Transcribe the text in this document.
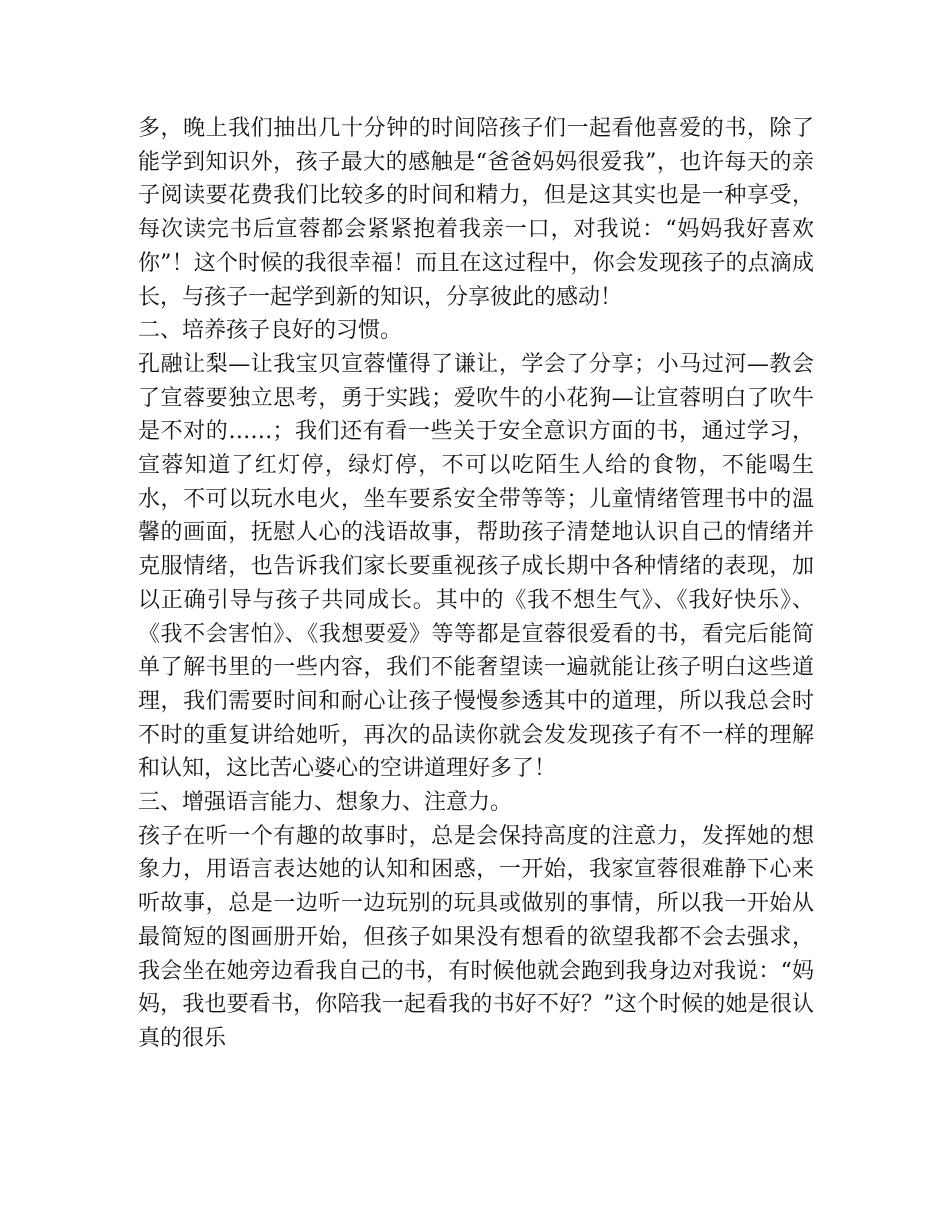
多，晚上我们抽出几十分钟的时间陪孩子们一起看他喜爱的书，除了能学到知识外，孩子最大的感触是“爸爸妈妈很爱我”，也许每天的亲子阅读要花费我们比较多的时间和精力，但是这其实也是一种享受，每次读完书后宣蓉都会紧紧抱着我亲一口，对我说：“妈妈我好喜欢你”！这个时候的我很幸福！而且在这过程中，你会发现孩子的点滴成长，与孩子一起学到新的知识，分享彼此的感动！

二、培养孩子良好的习惯。

孔融让梨—让我宝贝宣蓉懂得了谦让，学会了分享；小马过河—教会了宣蓉要独立思考，勇于实践；爱吹牛的小花狗—让宣蓉明白了吹牛是不对的……；我们还有看一些关于安全意识方面的书，通过学习，宣蓉知道了红灯停，绿灯停，不可以吃陌生人给的食物，不能喝生水，不可以玩水电火，坐车要系安全带等等；儿童情绪管理书中的温馨的画面，抚慰人心的浅语故事，帮助孩子清楚地认识自己的情绪并克服情绪，也告诉我们家长要重视孩子成长期中各种情绪的表现，加以正确引导与孩子共同成长。其中的《我不想生气》、《我好快乐》、《我不会害怕》、《我想要爱》等等都是宣蓉很爱看的书，看完后能简单了解书里的一些内容，我们不能奢望读一遍就能让孩子明白这些道理，我们需要时间和耐心让孩子慢慢参透其中的道理，所以我总会时不时的重复讲给她听，再次的品读你就会发发现孩子有不一样的理解和认知，这比苦心婆心的空讲道理好多了！

三、增强语言能力、想象力、注意力。

孩子在听一个有趣的故事时，总是会保持高度的注意力，发挥她的想象力，用语言表达她的认知和困惑，一开始，我家宣蓉很难静下心来听故事，总是一边听一边玩别的玩具或做别的事情，所以我一开始从最简短的图画册开始，但孩子如果没有想看的欲望我都不会去强求，我会坐在她旁边看我自己的书，有时候他就会跑到我身边对我说：“妈妈，我也要看书，你陪我一起看我的书好不好？”这个时候的她是很认真的很乐
